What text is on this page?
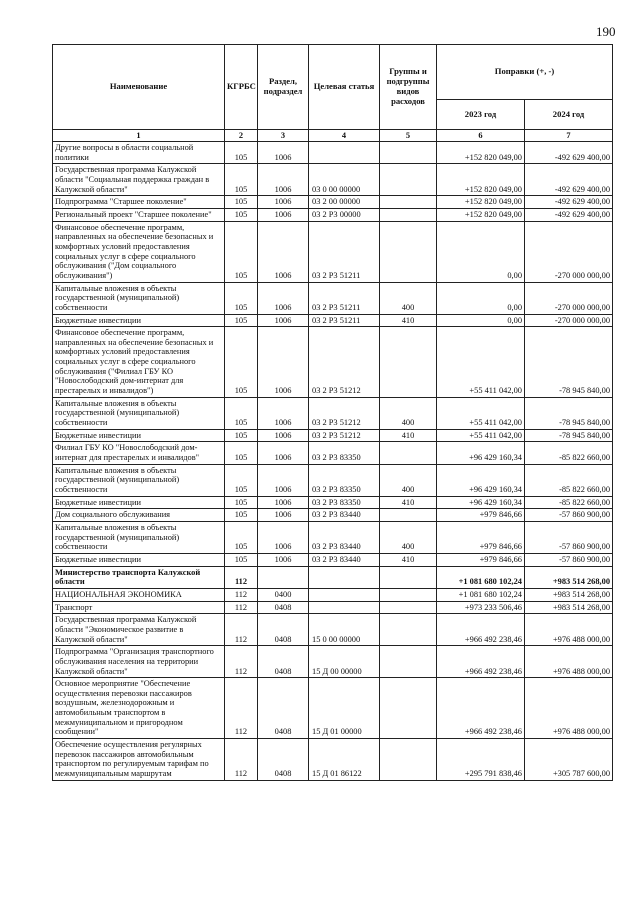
190
Наименование	КГРБС	Раздел, подраздел	Целевая статья	Группы и подгруппы видов расходов	Поправки (+, -)	
					2023 год	2024 год
1	2	3	4	5	6	7
Другие вопросы в области социальной политики	105	1006			+152 820 049,00	-492 629 400,00
Государственная программа Калужской области "Социальная поддержка граждан в Калужской области"	105	1006	03 0 00 00000		+152 820 049,00	-492 629 400,00
Подпрограмма "Старшее поколение"	105	1006	03 2 00 00000		+152 820 049,00	-492 629 400,00
Региональный проект "Старшее поколение"	105	1006	03 2 P3 00000		+152 820 049,00	-492 629 400,00
Финансовое обеспечение программ, направленных на обеспечение безопасных и комфортных условий предоставления социальных услуг в сфере социального обслуживания ("Дом социального обслуживания")	105	1006	03 2 P3 51211		0,00	-270 000 000,00
Капитальные вложения в объекты государственной (муниципальной) собственности	105	1006	03 2 P3 51211	400	0,00	-270 000 000,00
Бюджетные инвестиции	105	1006	03 2 P3 51211	410	0,00	-270 000 000,00
Финансовое обеспечение программ, направленных на обеспечение безопасных и комфортных условий предоставления социальных услуг в сфере социального обслуживания ("Филиал ГБУ КО "Новослободский дом-интернат для престарелых и инвалидов")	105	1006	03 2 P3 51212		+55 411 042,00	-78 945 840,00
Капитальные вложения в объекты государственной (муниципальной) собственности	105	1006	03 2 P3 51212	400	+55 411 042,00	-78 945 840,00
Бюджетные инвестиции	105	1006	03 2 P3 51212	410	+55 411 042,00	-78 945 840,00
Филиал ГБУ КО "Новослободский дом-интернат для престарелых и инвалидов"	105	1006	03 2 P3 83350		+96 429 160,34	-85 822 660,00
Капитальные вложения в объекты государственной (муниципальной) собственности	105	1006	03 2 P3 83350	400	+96 429 160,34	-85 822 660,00
Бюджетные инвестиции	105	1006	03 2 P3 83350	410	+96 429 160,34	-85 822 660,00
Дом социального обслуживания	105	1006	03 2 P3 83440		+979 846,66	-57 860 900,00
Капитальные вложения в объекты государственной (муниципальной) собственности	105	1006	03 2 P3 83440	400	+979 846,66	-57 860 900,00
Бюджетные инвестиции	105	1006	03 2 P3 83440	410	+979 846,66	-57 860 900,00
Министерство транспорта Калужской области	112				+1 081 680 102,24	+983 514 268,00
НАЦИОНАЛЬНАЯ ЭКОНОМИКА	112	0400			+1 081 680 102,24	+983 514 268,00
Транспорт	112	0408			+973 233 506,46	+983 514 268,00
Государственная программа Калужской области "Экономическое развитие в Калужской области"	112	0408	15 0 00 00000		+966 492 238,46	+976 488 000,00
Подпрограмма "Организация транспортного обслуживания населения на территории Калужской области"	112	0408	15 Д 00 00000		+966 492 238,46	+976 488 000,00
Основное мероприятие "Обеспечение осуществления перевозки пассажиров воздушным, железнодорожным и автомобильным транспортом в межмуниципальном и пригородном сообщении"	112	0408	15 Д 01 00000		+966 492 238,46	+976 488 000,00
Обеспечение осуществления регулярных перевозок пассажиров автомобильным транспортом по регулируемым тарифам по межмуниципальным маршрутам	112	0408	15 Д 01 86122		+295 791 838,46	+305 787 600,00
